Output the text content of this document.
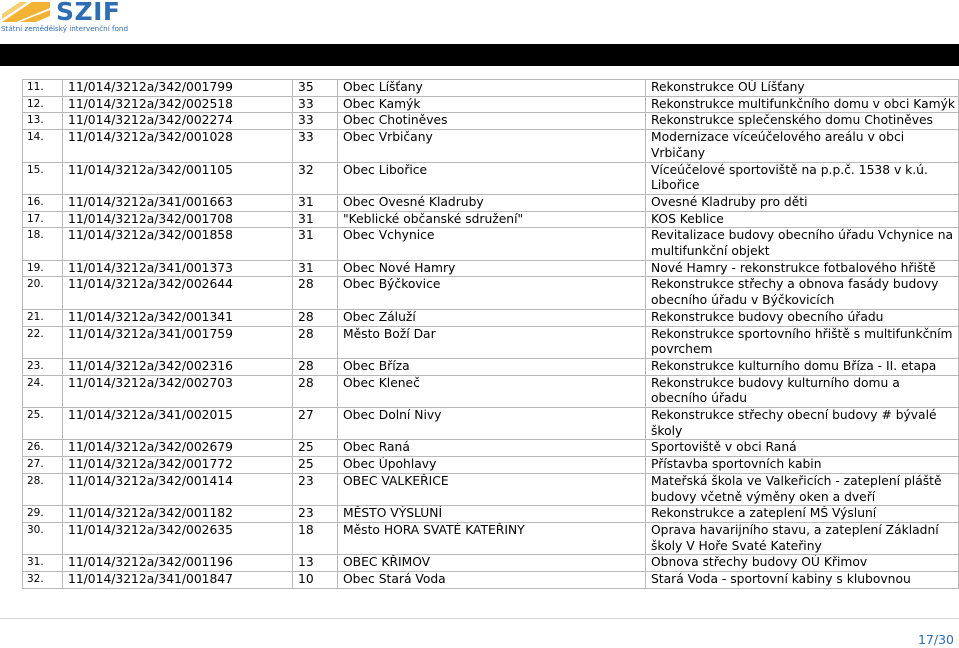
SZIF
Státní zemědělský intervenční fond
11.	11/014/3212a/342/001799	35	Obec Líšťany	Rekonstrukce OÚ Líšťany
12.	11/014/3212a/342/002518	33	Obec Kamýk	Rekonstrukce multifunkčního domu v obci Kamýk
13.	11/014/3212a/342/002274	33	Obec Chotiněves	Rekonstrukce splečenského domu Chotiněves
14.	11/014/3212a/342/001028	33	Obec Vrbičany	Modernizace víceúčelového areálu v obci Vrbičany
15.	11/014/3212a/342/001105	32	Obec Libořice	Víceúčelové sportoviště na p.p.č. 1538 v k.ú. Libořice
16.	11/014/3212a/341/001663	31	Obec Ovesné Kladruby	Ovesné Kladruby pro děti
17.	11/014/3212a/342/001708	31	"Keblické občanské sdružení"	KOS Keblice
18.	11/014/3212a/342/001858	31	Obec Vchynice	Revitalizace budovy obecního úřadu Vchynice na multifunkční objekt
19.	11/014/3212a/341/001373	31	Obec Nové Hamry	Nové Hamry - rekonstrukce fotbalového hřiště
20.	11/014/3212a/342/002644	28	Obec Býčkovice	Rekonstrukce střechy a obnova fasády budovy obecního úřadu v Býčkovicích
21.	11/014/3212a/342/001341	28	Obec Záluží	Rekonstrukce budovy obecního úřadu
22.	11/014/3212a/341/001759	28	Město Boží Dar	Rekonstrukce sportovního hřiště s multifunkčním povrchem
23.	11/014/3212a/342/002316	28	Obec Bříza	Rekonstrukce kulturního domu Bříza - II. etapa
24.	11/014/3212a/342/002703	28	Obec Kleneč	Rekonstrukce budovy kulturního domu a obecního úřadu
25.	11/014/3212a/341/002015	27	Obec Dolní Nivy	Rekonstrukce střechy obecní budovy # bývalé školy
26.	11/014/3212a/342/002679	25	Obec Raná	Sportoviště v obci Raná
27.	11/014/3212a/342/001772	25	Obec Úpohlavy	Přístavba sportovních kabin
28.	11/014/3212a/342/001414	23	OBEC VALKEŘICE	Mateřská škola ve Valkeřicích - zateplení pláště budovy včetně výměny oken a dveří
29.	11/014/3212a/342/001182	23	MĚSTO VÝSLUNÍ	Rekonstrukce a zateplení MŠ Výsluní
30.	11/014/3212a/342/002635	18	Město HORA SVATÉ KATEŘINY	Oprava havarijního stavu, a zateplení Základní školy V Hoře Svaté Kateřiny
31.	11/014/3212a/342/001196	13	OBEC KŘIMOV	Obnova střechy budovy OÚ Křimov
32.	11/014/3212a/341/001847	10	Obec Stará Voda	Stará Voda - sportovní kabiny s klubovnou
17/30
